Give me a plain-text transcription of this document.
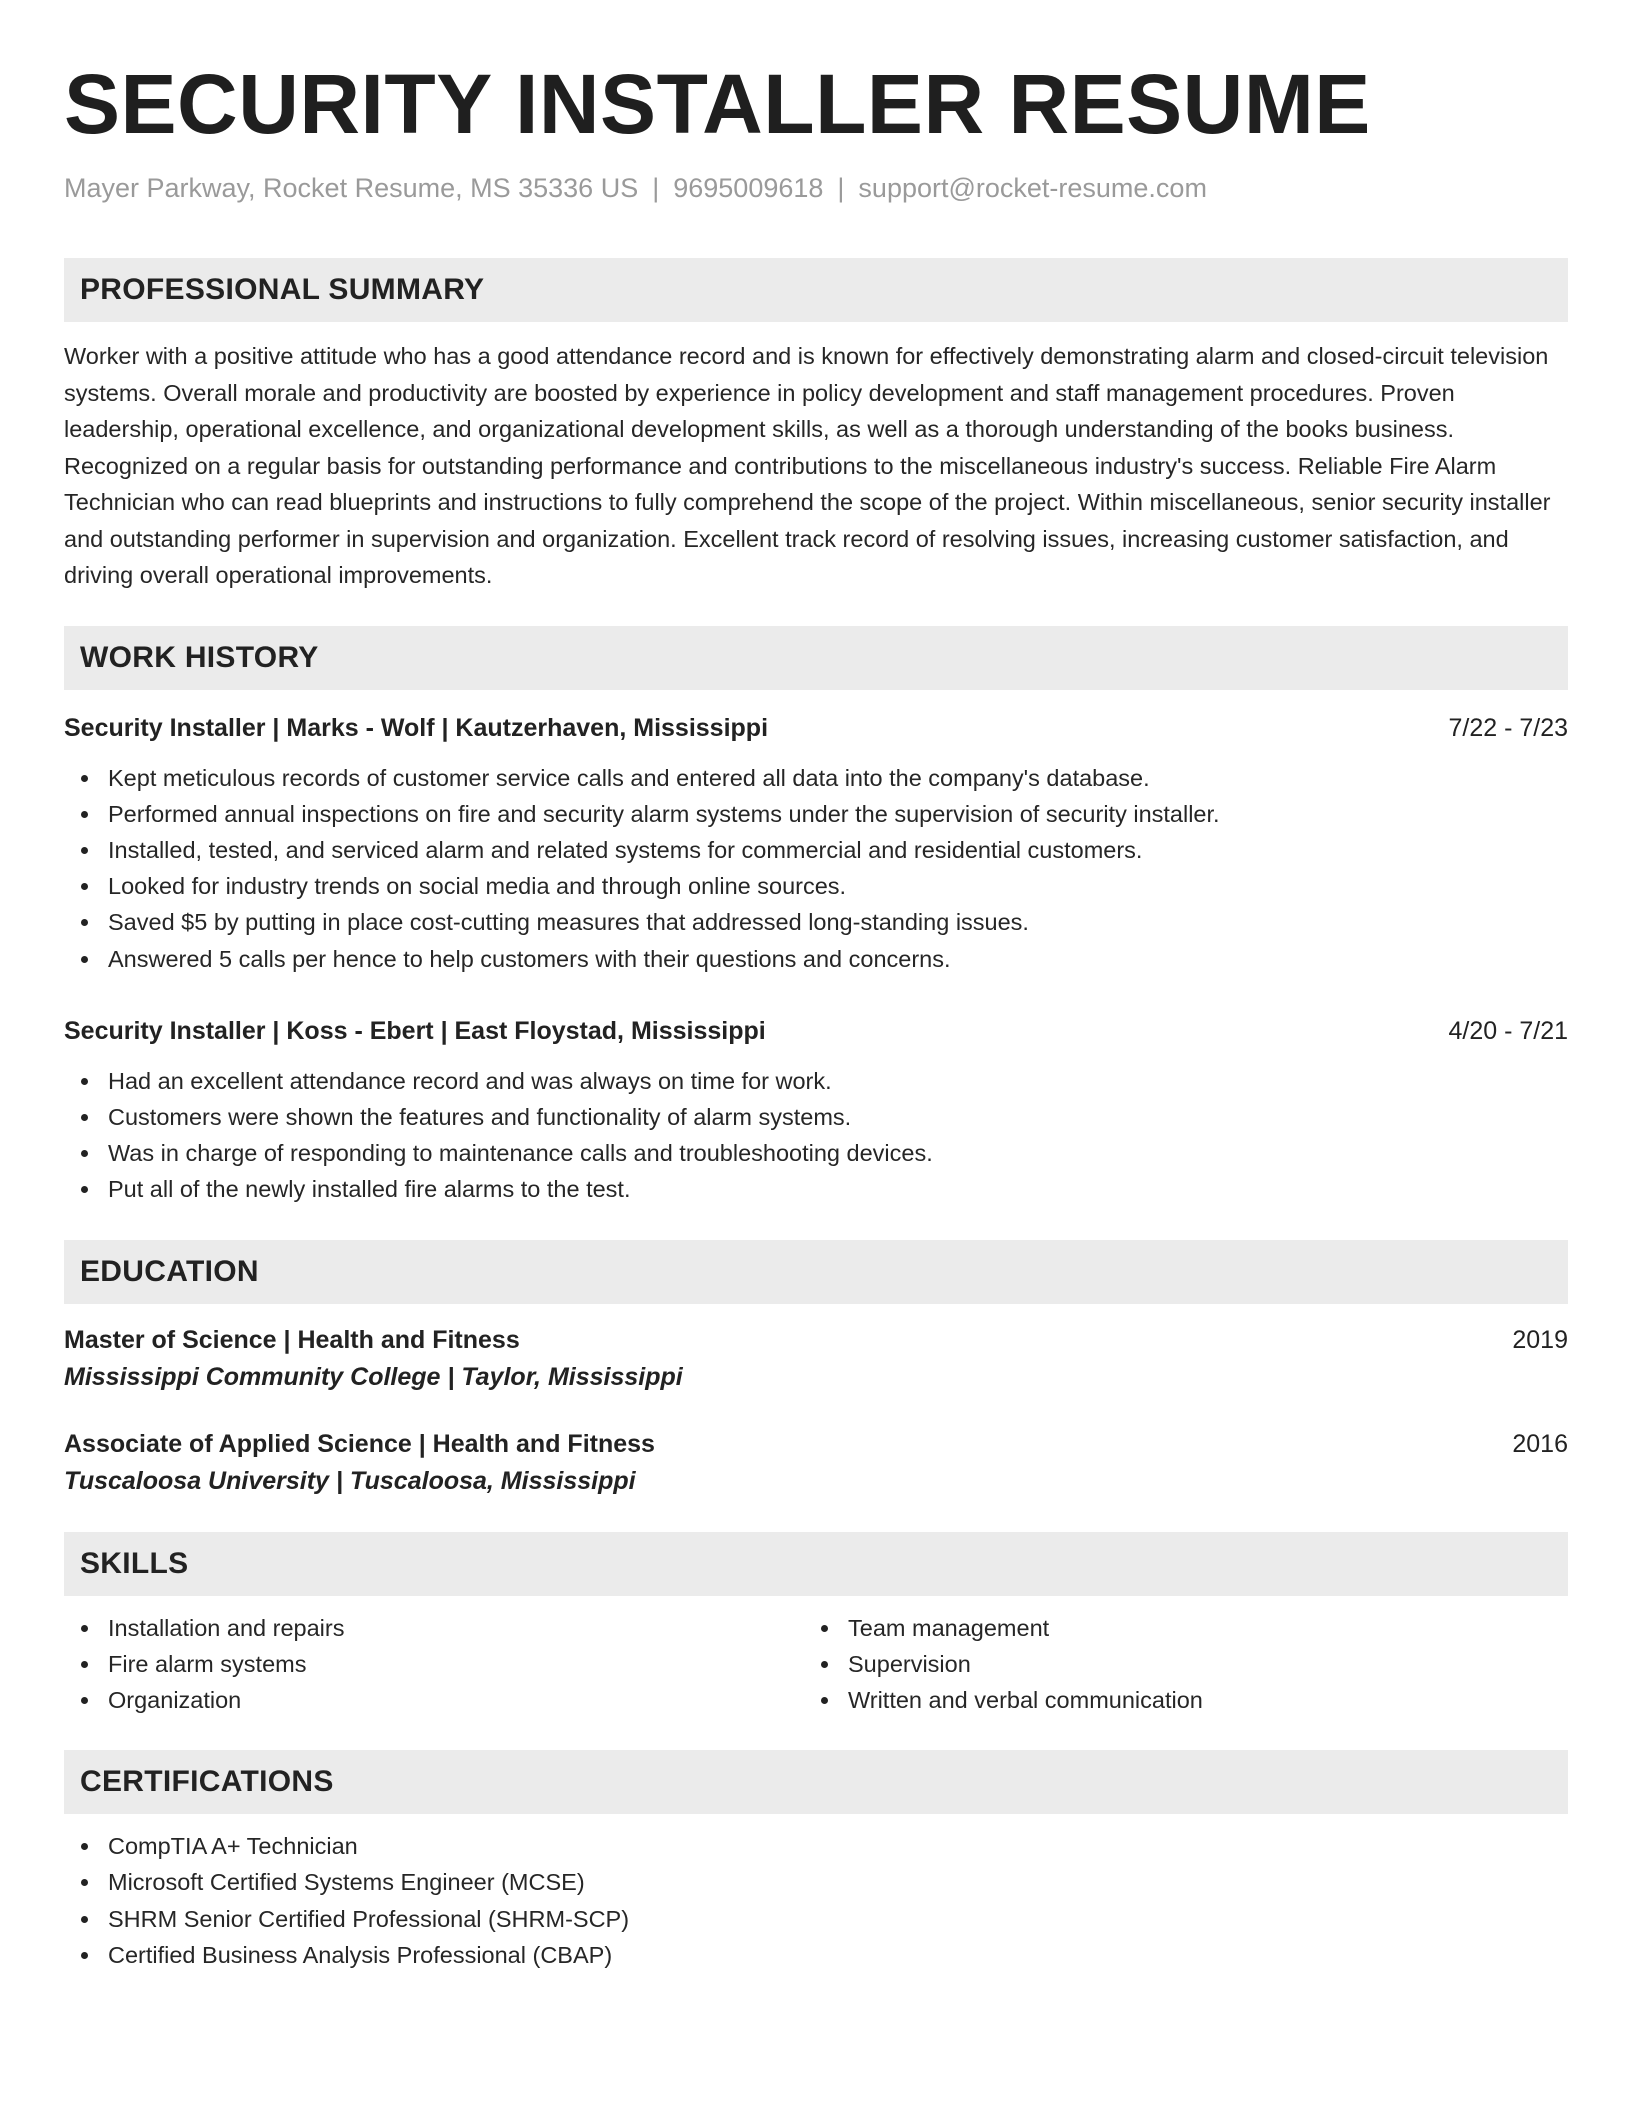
SECURITY INSTALLER RESUME
Mayer Parkway, Rocket Resume, MS 35336 US | 9695009618 | support@rocket-resume.com
PROFESSIONAL SUMMARY
Worker with a positive attitude who has a good attendance record and is known for effectively demonstrating alarm and closed-circuit television systems. Overall morale and productivity are boosted by experience in policy development and staff management procedures. Proven leadership, operational excellence, and organizational development skills, as well as a thorough understanding of the books business. Recognized on a regular basis for outstanding performance and contributions to the miscellaneous industry's success. Reliable Fire Alarm Technician who can read blueprints and instructions to fully comprehend the scope of the project. Within miscellaneous, senior security installer and outstanding performer in supervision and organization. Excellent track record of resolving issues, increasing customer satisfaction, and driving overall operational improvements.
WORK HISTORY
Security Installer | Marks - Wolf | Kautzerhaven, Mississippi	7/22 - 7/23
Kept meticulous records of customer service calls and entered all data into the company's database.
Performed annual inspections on fire and security alarm systems under the supervision of security installer.
Installed, tested, and serviced alarm and related systems for commercial and residential customers.
Looked for industry trends on social media and through online sources.
Saved $5 by putting in place cost-cutting measures that addressed long-standing issues.
Answered 5 calls per hence to help customers with their questions and concerns.
Security Installer | Koss - Ebert | East Floystad, Mississippi	4/20 - 7/21
Had an excellent attendance record and was always on time for work.
Customers were shown the features and functionality of alarm systems.
Was in charge of responding to maintenance calls and troubleshooting devices.
Put all of the newly installed fire alarms to the test.
EDUCATION
Master of Science | Health and Fitness	2019
Mississippi Community College | Taylor, Mississippi
Associate of Applied Science | Health and Fitness	2016
Tuscaloosa University | Tuscaloosa, Mississippi
SKILLS
Installation and repairs
Fire alarm systems
Organization
Team management
Supervision
Written and verbal communication
CERTIFICATIONS
CompTIA A+ Technician
Microsoft Certified Systems Engineer (MCSE)
SHRM Senior Certified Professional (SHRM-SCP)
Certified Business Analysis Professional (CBAP)
